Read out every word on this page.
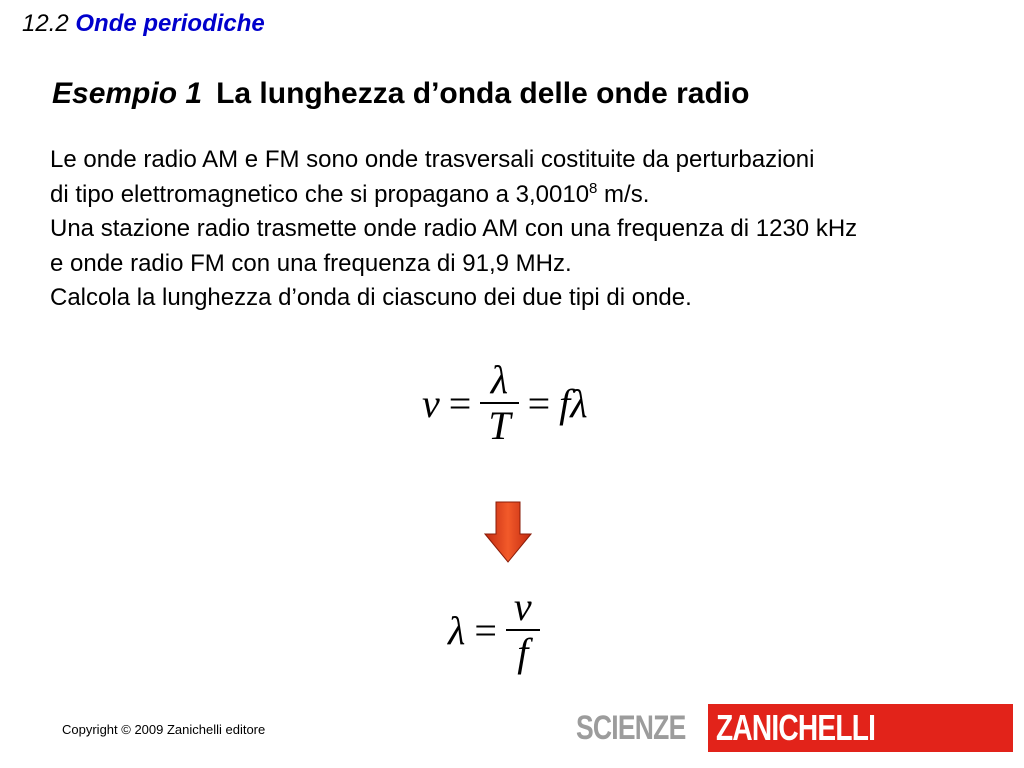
12.2 Onde periodiche
Esempio 1 La lunghezza d’onda delle onde radio

Le onde radio AM e FM sono onde trasversali costituite da perturbazioni

di tipo elettromagnetico che si propagano a 3,0010$^8$ m/s.

Una stazione radio trasmette onde radio AM con una frequenza di 1230 kHz

e onde radio FM con una frequenza di 91,9 MHz.

Calcola la lunghezza d’onda di ciascuno dei due tipi di onde.

$v = \frac{\lambda}{T} = f\lambda$
$\lambda = \frac{v}{f}$
Copyright © 2009 Zanichelli editore	SCIENZE ZANICHELLI
